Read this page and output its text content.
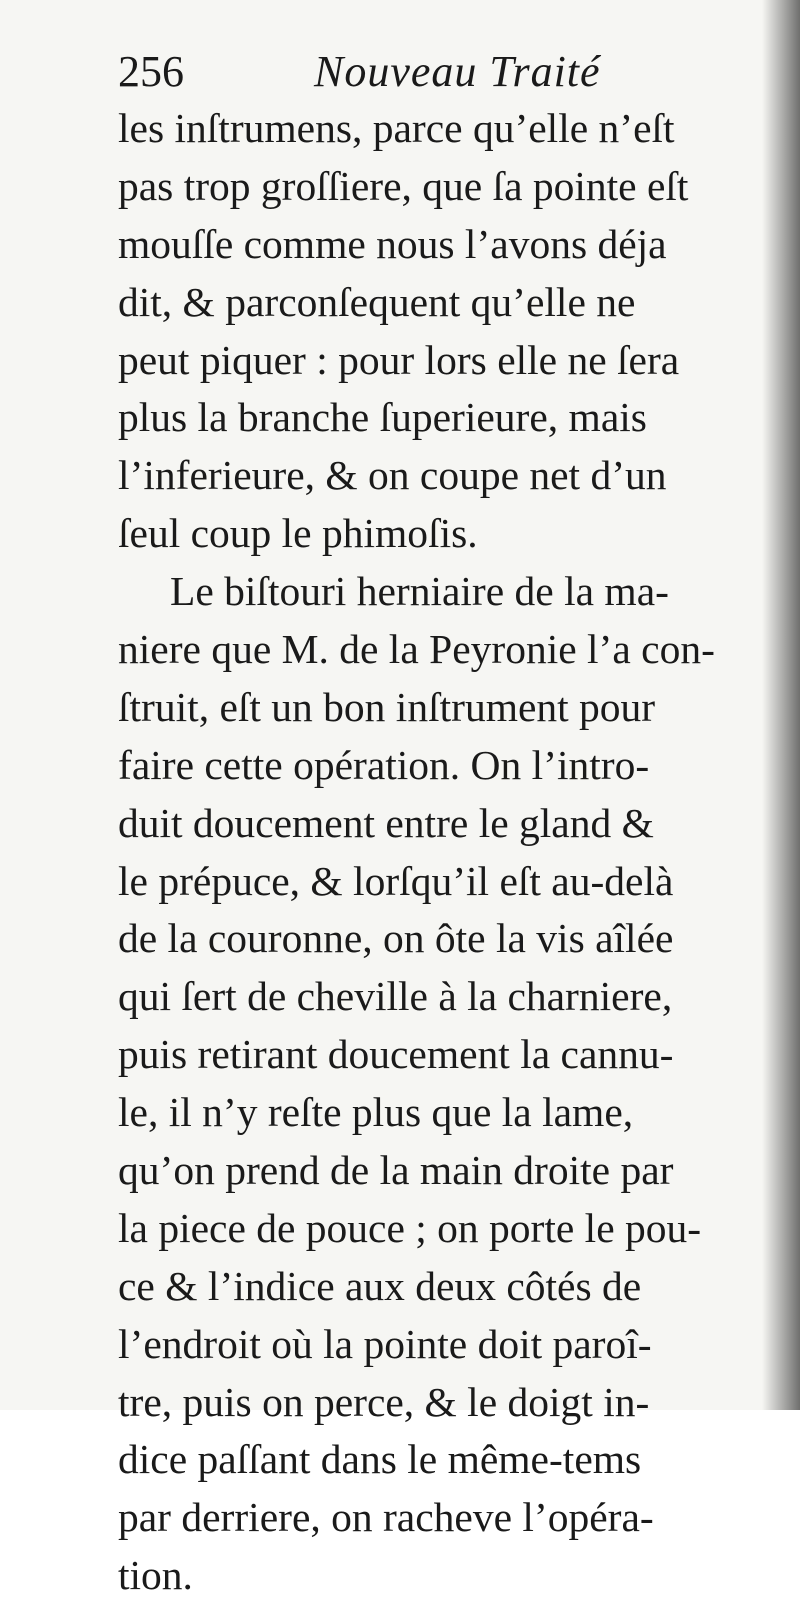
256	Nouveau Traité
les inſtrumens, parce qu’elle n’eſt
pas trop groſſiere, que ſa pointe eſt
mouſſe comme nous l’avons déja
dit, & parconſequent qu’elle ne
peut piquer : pour lors elle ne ſera
plus la branche ſuperieure, mais
l’inferieure, & on coupe net d’un
ſeul coup le phimoſis.
Le biſtouri herniaire de la ma-
niere que M. de la Peyronie l’a con-
ſtruit, eſt un bon inſtrument pour
faire cette opération. On l’intro-
duit doucement entre le gland &
le prépuce, & lorſqu’il eſt au-delà
de la couronne, on ôte la vis aîlée
qui ſert de cheville à la charniere,
puis retirant doucement la cannu-
le, il n’y reſte plus que la lame,
qu’on prend de la main droite par
la piece de pouce ; on porte le pou-
ce & l’indice aux deux côtés de
l’endroit où la pointe doit paroî-
tre, puis on perce, & le doigt in-
dice paſſant dans le même-tems
par derriere, on racheve l’opéra-
tion.
